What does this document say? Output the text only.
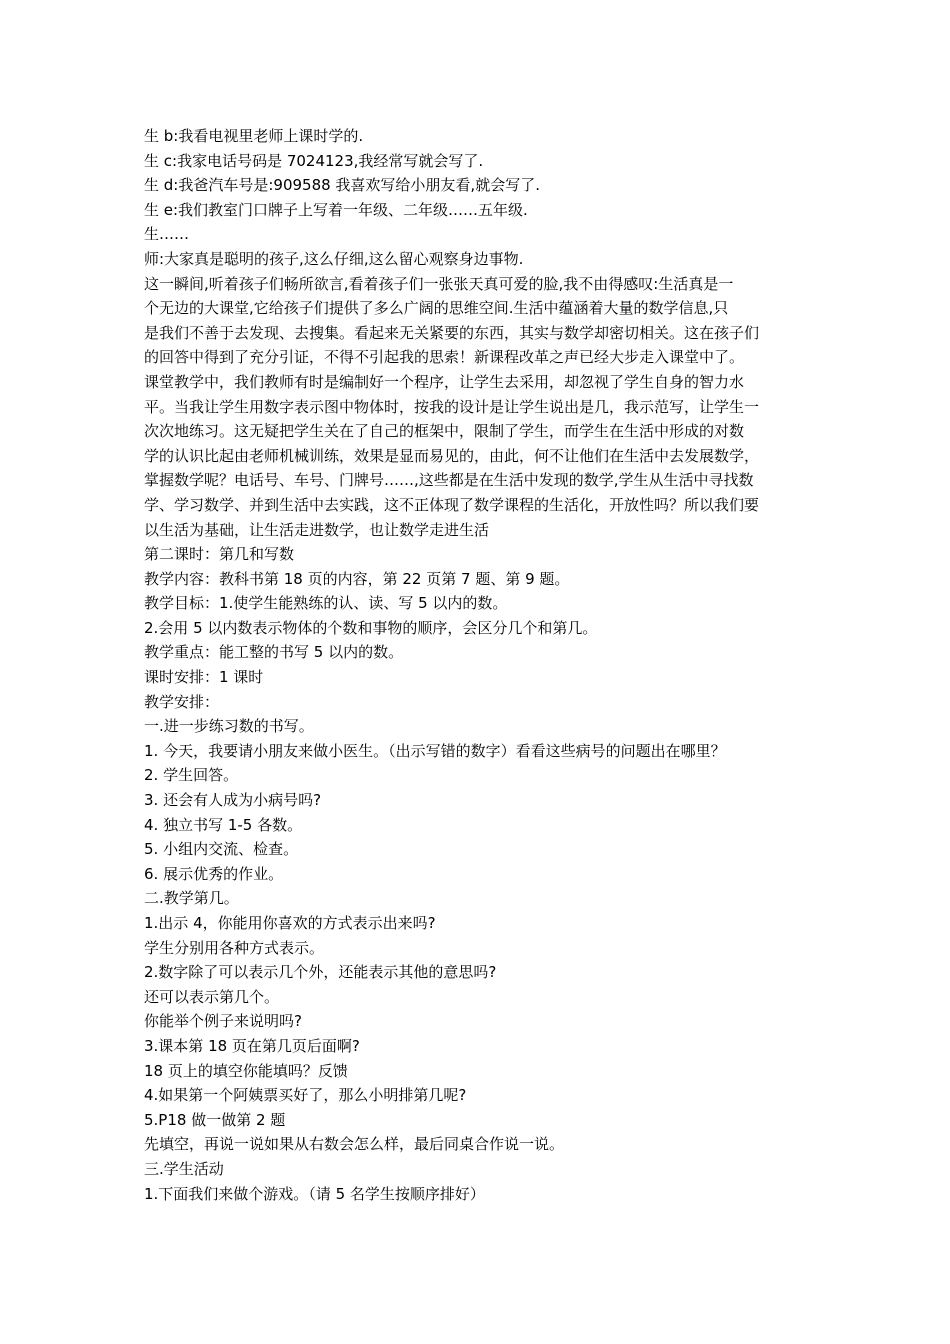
生 b:我看电视里老师上课时学的.
生 c:我家电话号码是 7024123,我经常写就会写了.
生 d:我爸汽车号是:909588 我喜欢写给小朋友看,就会写了.
生 e:我们教室门口牌子上写着一年级、二年级……五年级.
生……
师:大家真是聪明的孩子,这么仔细,这么留心观察身边事物.
这一瞬间,听着孩子们畅所欲言,看着孩子们一张张天真可爱的脸,我不由得感叹:生活真是一
个无边的大课堂,它给孩子们提供了多么广阔的思维空间.生活中蕴涵着大量的数学信息,只
是我们不善于去发现、去搜集。看起来无关紧要的东西，其实与数学却密切相关。这在孩子们
的回答中得到了充分引证，不得不引起我的思索！新课程改革之声已经大步走入课堂中了。
课堂教学中，我们教师有时是编制好一个程序，让学生去采用，却忽视了学生自身的智力水
平。当我让学生用数字表示图中物体时，按我的设计是让学生说出是几，我示范写，让学生一
次次地练习。这无疑把学生关在了自己的框架中，限制了学生，而学生在生活中形成的对数
学的认识比起由老师机械训练，效果是显而易见的，由此，何不让他们在生活中去发展数学，
掌握数学呢？电话号、车号、门牌号……,这些都是在生活中发现的数学,学生从生活中寻找数
学、学习数学、并到生活中去实践，这不正体现了数学课程的生活化，开放性吗？所以我们要
以生活为基础，让生活走进数学，也让数学走进生活
第二课时：第几和写数
教学内容：教科书第 18 页的内容，第 22 页第 7 题、第 9 题。
教学目标：1.使学生能熟练的认、读、写 5 以内的数。
2.会用 5 以内数表示物体的个数和事物的顺序，会区分几个和第几。
教学重点：能工整的书写 5 以内的数。
课时安排：1 课时
教学安排：
一.进一步练习数的书写。
1. 今天，我要请小朋友来做小医生。（出示写错的数字）看看这些病号的问题出在哪里？
2. 学生回答。
3. 还会有人成为小病号吗?
4. 独立书写 1-5 各数。
5. 小组内交流、检查。
6. 展示优秀的作业。
二.教学第几。
1.出示 4，你能用你喜欢的方式表示出来吗?
学生分别用各种方式表示。
2.数字除了可以表示几个外，还能表示其他的意思吗?
还可以表示第几个。
你能举个例子来说明吗?
3.课本第 18 页在第几页后面啊?
18 页上的填空你能填吗？反馈
4.如果第一个阿姨票买好了，那么小明排第几呢?
5.P18 做一做第 2 题
先填空，再说一说如果从右数会怎么样，最后同桌合作说一说。
三.学生活动
1.下面我们来做个游戏。（请 5 名学生按顺序排好）
